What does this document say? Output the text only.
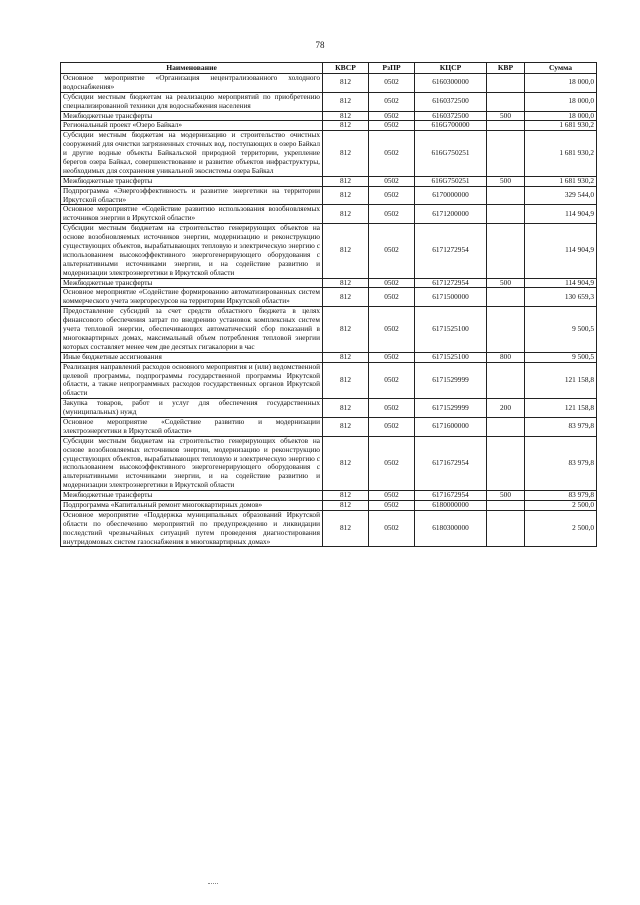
78
Наименование	КВСР	РзПР	КЦСР	КВР	Сумма
Основное мероприятие «Организация нецентрализованного холодного водоснабжения»	812	0502	6160300000		18 000,0
Субсидии местным бюджетам на реализацию мероприятий по приобретению специализированной техники для водоснабжения населения	812	0502	6160372500		18 000,0
Межбюджетные трансферты	812	0502	6160372500	500	18 000,0
Региональный проект «Озеро Байкал»	812	0502	616G700000		1 681 930,2
Субсидии местным бюджетам на модернизацию и строительство очистных сооружений для очистки загрязненных сточных вод, поступающих в озеро Байкал и другие водные объекты Байкальской природной территории, укрепление берегов озера Байкал, совершенствование и развитие объектов инфраструктуры, необходимых для сохранения уникальной экосистемы озера Байкал	812	0502	616G750251		1 681 930,2
Межбюджетные трансферты	812	0502	616G750251	500	1 681 930,2
Подпрограмма «Энергоэффективность и развитие энергетики на территории Иркутской области»	812	0502	6170000000		329 544,0
Основное мероприятие «Содействие развитию использования возобновляемых источников энергии в Иркутской области»	812	0502	6171200000		114 904,9
Субсидии местным бюджетам на строительство генерирующих объектов на основе возобновляемых источников энергии, модернизацию и реконструкцию существующих объектов, вырабатывающих тепловую и электрическую энергию с использованием высокоэффективного энергогенерирующего оборудования с альтернативными источниками энергии, и на содействие развитию и модернизации электроэнергетики в Иркутской области	812	0502	6171272954		114 904,9
Межбюджетные трансферты	812	0502	6171272954	500	114 904,9
Основное мероприятие «Содействие формированию автоматизированных систем коммерческого учета энергоресурсов на территории Иркутской области»	812	0502	6171500000		130 659,3
Предоставление субсидий за счет средств областного бюджета в целях финансового обеспечения затрат по внедрению установок комплексных систем учета тепловой энергии, обеспечивающих автоматический сбор показаний в многоквартирных домах, максимальный объем потребления тепловой энергии которых составляет менее чем две десятых гигакалории в час	812	0502	6171525100		9 500,5
Иные бюджетные ассигнования	812	0502	6171525100	800	9 500,5
Реализация направлений расходов основного мероприятия и (или) ведомственной целевой программы, подпрограммы государственной программы Иркутской области, а также непрограммных расходов государственных органов Иркутской области	812	0502	6171529999		121 158,8
Закупка товаров, работ и услуг для обеспечения государственных (муниципальных) нужд	812	0502	6171529999	200	121 158,8
Основное мероприятие «Содействие развитию и модернизации электроэнергетики в Иркутской области»	812	0502	6171600000		83 979,8
Субсидии местным бюджетам на строительство генерирующих объектов на основе возобновляемых источников энергии, модернизацию и реконструкцию существующих объектов, вырабатывающих тепловую и электрическую энергию с использованием высокоэффективного энергогенерирующего оборудования с альтернативными источниками энергии, и на содействие развитию и модернизации электроэнергетики в Иркутской области	812	0502	6171672954		83 979,8
Межбюджетные трансферты	812	0502	6171672954	500	83 979,8
Подпрограмма «Капитальный ремонт многоквартирных домов»	812	0502	6180000000		2 500,0
Основное мероприятие «Поддержка муниципальных образований Иркутской области по обеспечению мероприятий по предупреждению и ликвидации последствий чрезвычайных ситуаций путем проведения диагностирования внутридомовых систем газоснабжения в многоквартирных домах»	812	0502	6180300000		2 500,0
